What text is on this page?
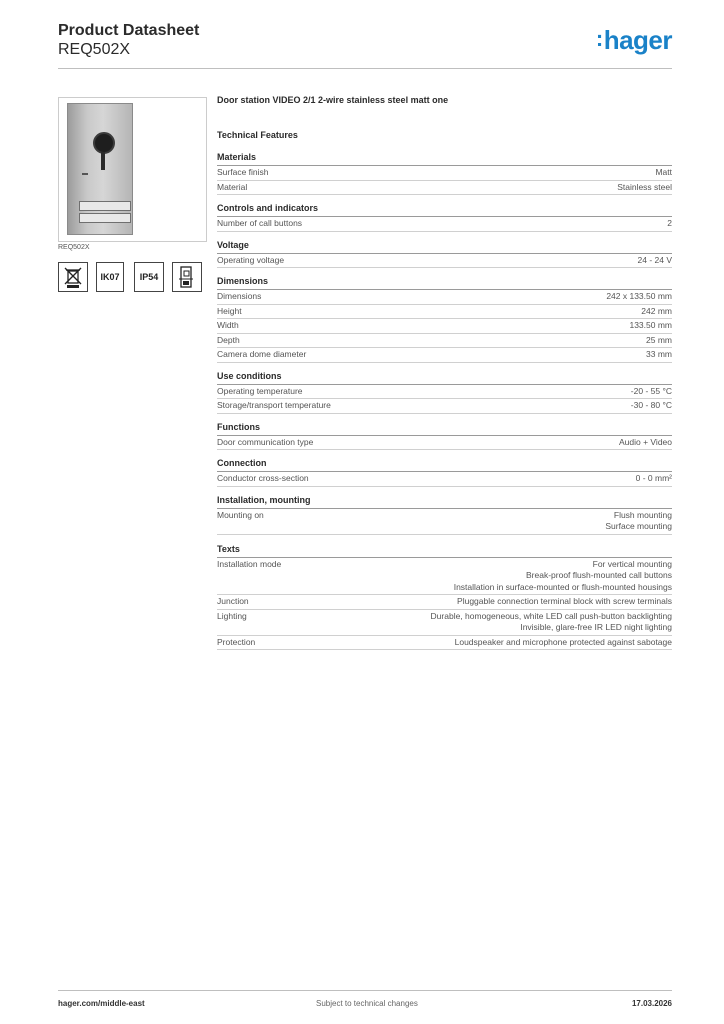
Product Datasheet
REQ502X	:hager
REQ502X
IK07	IP54
Door station VIDEO 2/1 2-wire stainless steel matt one
Technical Features
Materials
Surface finish	Matt
Material	Stainless steel
Controls and indicators
Number of call buttons	2
Voltage
Operating voltage	24 - 24 V
Dimensions
Dimensions	242 x 133.50 mm
Height	242 mm
Width	133.50 mm
Depth	25 mm
Camera dome diameter	33 mm
Use conditions
Operating temperature	-20 - 55 °C
Storage/transport temperature	-30 - 80 °C
Functions
Door communication type	Audio + Video
Connection
Conductor cross-section	0 - 0 mm²
Installation, mounting
Mounting on	Flush mounting
Surface mounting
Texts
Installation mode	For vertical mounting
Break-proof flush-mounted call buttons
Installation in surface-mounted or flush-mounted housings
Junction	Pluggable connection terminal block with screw terminals
Lighting	Durable, homogeneous, white LED call push-button backlighting
Invisible, glare-free IR LED night lighting
Protection	Loudspeaker and microphone protected against sabotage
hager.com/middle-east	Subject to technical changes	17.03.2026
